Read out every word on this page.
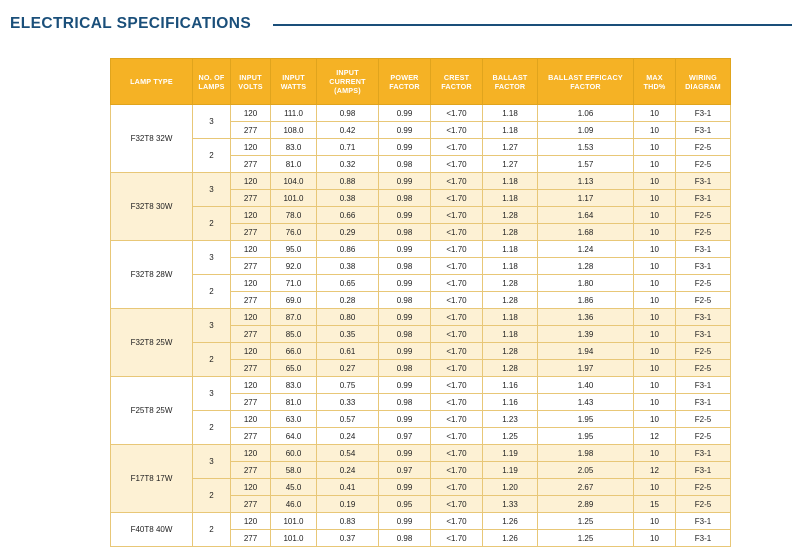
ELECTRICAL SPECIFICATIONS
LAMP TYPE	NO. OF LAMPS	INPUT VOLTS	INPUT WATTS	INPUT CURRENT (AMPS)	POWER FACTOR	CREST FACTOR	BALLAST FACTOR	BALLAST EFFICACY FACTOR	MAX THD%	WIRING DIAGRAM
F32T8 32W	3	120	111.0	0.98	0.99	<1.70	1.18	1.06	10	F3-1
		277	108.0	0.42	0.99	<1.70	1.18	1.09	10	F3-1
	2	120	83.0	0.71	0.99	<1.70	1.27	1.53	10	F2-5
		277	81.0	0.32	0.98	<1.70	1.27	1.57	10	F2-5
F32T8 30W	3	120	104.0	0.88	0.99	<1.70	1.18	1.13	10	F3-1
		277	101.0	0.38	0.98	<1.70	1.18	1.17	10	F3-1
	2	120	78.0	0.66	0.99	<1.70	1.28	1.64	10	F2-5
		277	76.0	0.29	0.98	<1.70	1.28	1.68	10	F2-5
F32T8 28W	3	120	95.0	0.86	0.99	<1.70	1.18	1.24	10	F3-1
		277	92.0	0.38	0.98	<1.70	1.18	1.28	10	F3-1
	2	120	71.0	0.65	0.99	<1.70	1.28	1.80	10	F2-5
		277	69.0	0.28	0.98	<1.70	1.28	1.86	10	F2-5
F32T8 25W	3	120	87.0	0.80	0.99	<1.70	1.18	1.36	10	F3-1
		277	85.0	0.35	0.98	<1.70	1.18	1.39	10	F3-1
	2	120	66.0	0.61	0.99	<1.70	1.28	1.94	10	F2-5
		277	65.0	0.27	0.98	<1.70	1.28	1.97	10	F2-5
F25T8 25W	3	120	83.0	0.75	0.99	<1.70	1.16	1.40	10	F3-1
		277	81.0	0.33	0.98	<1.70	1.16	1.43	10	F3-1
	2	120	63.0	0.57	0.99	<1.70	1.23	1.95	10	F2-5
		277	64.0	0.24	0.97	<1.70	1.25	1.95	12	F2-5
F17T8 17W	3	120	60.0	0.54	0.99	<1.70	1.19	1.98	10	F3-1
		277	58.0	0.24	0.97	<1.70	1.19	2.05	12	F3-1
	2	120	45.0	0.41	0.99	<1.70	1.20	2.67	10	F2-5
		277	46.0	0.19	0.95	<1.70	1.33	2.89	15	F2-5
F40T8 40W	2	120	101.0	0.83	0.99	<1.70	1.26	1.25	10	F3-1
		277	101.0	0.37	0.98	<1.70	1.26	1.25	10	F3-1
